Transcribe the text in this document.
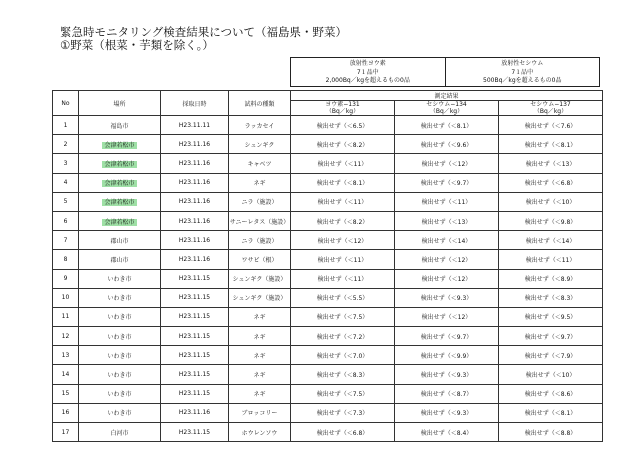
緊急時モニタリング検査結果について（福島県・野菜）
①野菜（根菜・芋類を除く。）
放射性ヨウ素
7１品中
2,000Bq／kgを超えるもの0品
放射性セシウム
7１品中
500Bq／kgを超えるもの0品
No	場所	採取日時	試料の種類	測定結果		
				ヨウ素−131	セシウム−134	セシウム−137
				（Bq／kg）	（Bq／kg）	（Bq／kg）
1	福島市	H23.11.11	ラッカセイ	検出せず（＜6.5）	検出せず（＜8.1）	検出せず（＜7.6）
2	会津若松市	H23.11.16	シュンギク	検出せず（＜8.2）	検出せず（＜9.6）	検出せず（＜8.1）
3	会津若松市	H23.11.16	キャベツ	検出せず（＜11）	検出せず（＜12）	検出せず（＜13）
4	会津若松市	H23.11.16	ネギ	検出せず（＜8.1）	検出せず（＜9.7）	検出せず（＜6.8）
5	会津若松市	H23.11.16	ニラ（施設）	検出せず（＜11）	検出せず（＜11）	検出せず（＜10）
6	会津若松市	H23.11.16	サニーレタス（施設）	検出せず（＜8.2）	検出せず（＜13）	検出せず（＜9.8）
7	郡山市	H23.11.16	ニラ（施設）	検出せず（＜12）	検出せず（＜14）	検出せず（＜14）
8	郡山市	H23.11.16	ワサビ（根）	検出せず（＜11）	検出せず（＜12）	検出せず（＜11）
9	いわき市	H23.11.15	シュンギク（施設）	検出せず（＜11）	検出せず（＜12）	検出せず（＜8.9）
10	いわき市	H23.11.15	シュンギク（施設）	検出せず（＜5.5）	検出せず（＜9.3）	検出せず（＜8.3）
11	いわき市	H23.11.15	ネギ	検出せず（＜7.5）	検出せず（＜12）	検出せず（＜9.5）
12	いわき市	H23.11.15	ネギ	検出せず（＜7.2）	検出せず（＜9.7）	検出せず（＜9.7）
13	いわき市	H23.11.15	ネギ	検出せず（＜7.0）	検出せず（＜9.9）	検出せず（＜7.9）
14	いわき市	H23.11.15	ネギ	検出せず（＜8.3）	検出せず（＜9.3）	検出せず（＜10）
15	いわき市	H23.11.15	ネギ	検出せず（＜7.5）	検出せず（＜8.7）	検出せず（＜8.6）
16	いわき市	H23.11.16	ブロッコリー	検出せず（＜7.3）	検出せず（＜9.3）	検出せず（＜8.1）
17	白河市	H23.11.15	ホウレンソウ	検出せず（＜6.8）	検出せず（＜8.4）	検出せず（＜8.8）
